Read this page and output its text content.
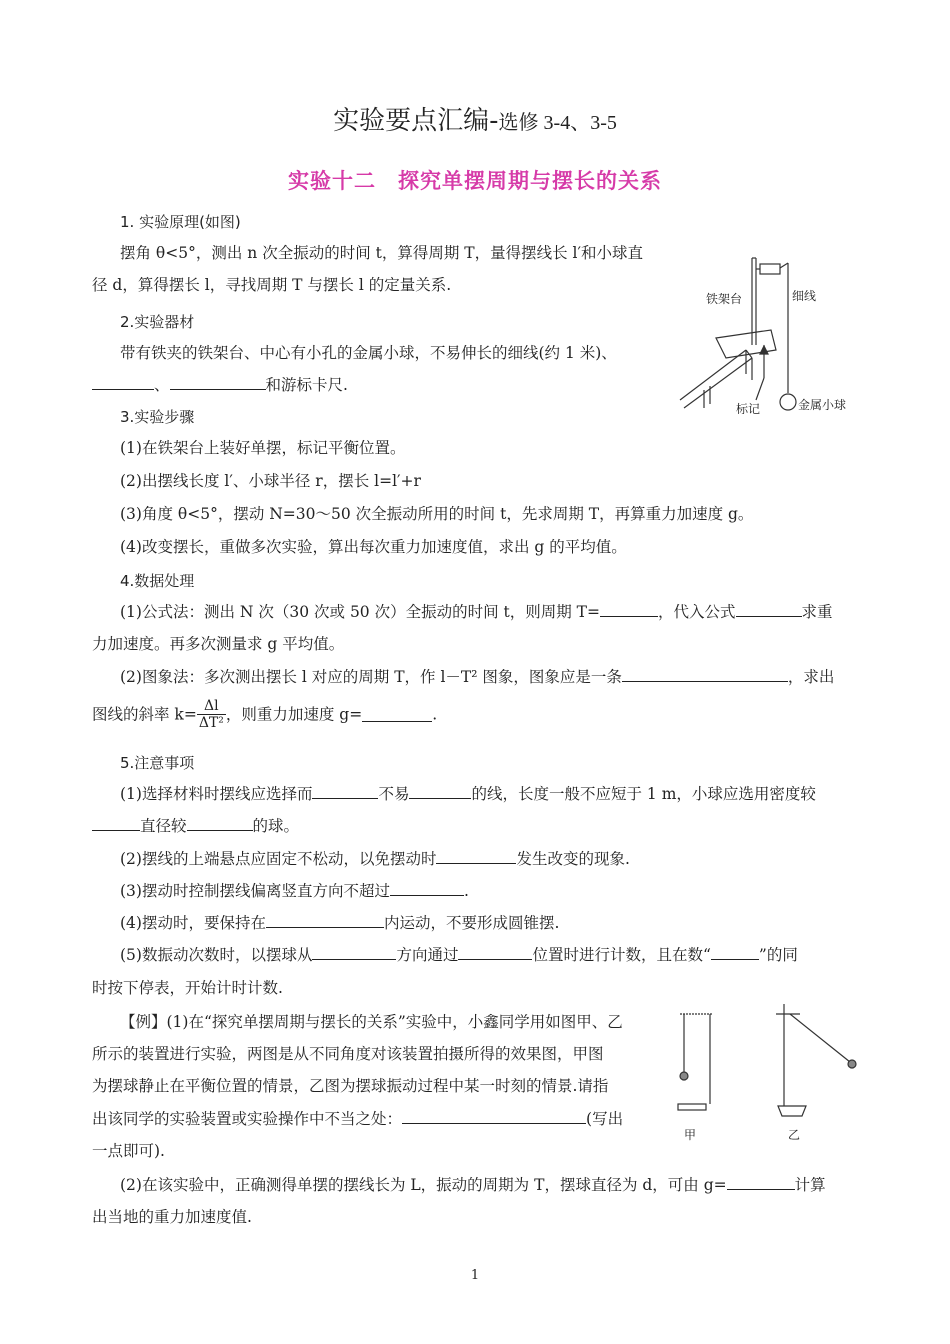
实验要点汇编-选修 3-4、3-5
实验十二　探究单摆周期与摆长的关系
1. 实验原理(如图)
摆角 θ<5°，测出 n 次全振动的时间 t，算得周期 T，量得摆线长 l′和小球直
径 d，算得摆长 l，寻找周期 T 与摆长 l 的定量关系.
2.实验器材
带有铁夹的铁架台、中心有小孔的金属小球，不易伸长的细线(约 1 米)、
、	和游标卡尺.
铁架台	细线
标记	金属小球
3.实验步骤
(1)在铁架台上装好单摆，标记平衡位置。
(2)出摆线长度 l′、小球半径 r，摆长 l=l′+r
(3)角度 θ<5°，摆动 N=30～50 次全振动所用的时间 t，先求周期 T，再算重力加速度 g。
(4)改变摆长，重做多次实验，算出每次重力加速度值，求出 g 的平均值。
4.数据处理
(1)公式法：测出 N 次（30 次或 50 次）全振动的时间 t，则周期 T=	，代入公式	求重
力加速度。再多次测量求 g 平均值。
(2)图象法：多次测出摆长 l 对应的周期 T，作 l－T² 图象，图象应是一条	，求出
图线的斜率 $k= \frac{\Delta l}{\text{ΔT²}}$ ，则重力加速度 g=	.
5.注意事项
(1)选择材料时摆线应选择而	不易	的线，长度一般不应短于 1 m，小球应选用密度较
直径较	的球。
(2)摆线的上端悬点应固定不松动，以免摆动时	发生改变的现象.
(3)摆动时控制摆线偏离竖直方向不超过	.
(4)摆动时，要保持在	内运动，不要形成圆锥摆.
(5)数振动次数时，以摆球从	方向通过	位置时进行计数，且在数“	”的同
时按下停表，开始计时计数.
【例】(1)在“探究单摆周期与摆长的关系”实验中，小鑫同学用如图甲、乙
所示的装置进行实验，两图是从不同角度对该装置拍摄所得的效果图，甲图
为摆球静止在平衡位置的情景，乙图为摆球振动过程中某一时刻的情景.请指
出该同学的实验装置或实验操作中不当之处：	(写出
一点即可).
(2)在该实验中，正确测得单摆的摆线长为 L，振动的周期为 T，摆球直径为 d，可由 g=	计算
出当地的重力加速度值.
甲	乙
1
